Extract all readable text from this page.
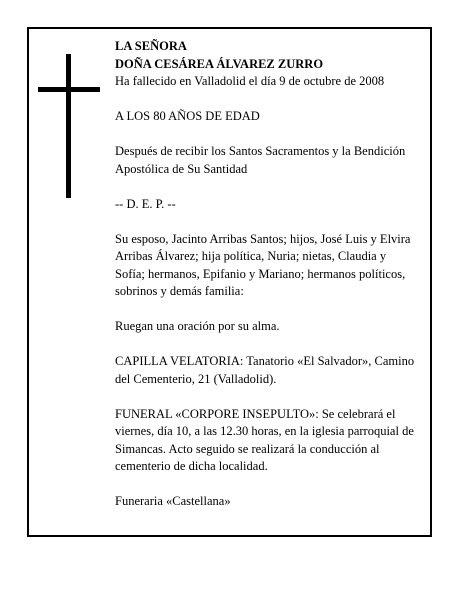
LA SEÑORA
DOÑA CESÁREA ÁLVAREZ ZURRO
Ha fallecido en Valladolid el día 9 de octubre de 2008

A LOS 80 AÑOS DE EDAD

Después de recibir los Santos Sacramentos y la Bendición Apostólica de Su Santidad

-- D. E. P. --

Su esposo, Jacinto Arribas Santos; hijos, José Luis y Elvira Arribas Álvarez; hija política, Nuria; nietas, Claudia y Sofía; hermanos, Epifanio y Mariano; hermanos políticos, sobrinos y demás familia:

Ruegan una oración por su alma.

CAPILLA VELATORIA: Tanatorio «El Salvador», Camino del Cementerio, 21 (Valladolid).

FUNERAL «CORPORE INSEPULTO»: Se celebrará el viernes, día 10, a las 12.30 horas, en la iglesia parroquial de Simancas. Acto seguido se realizará la conducción al cementerio de dicha localidad.

Funeraria «Castellana»
